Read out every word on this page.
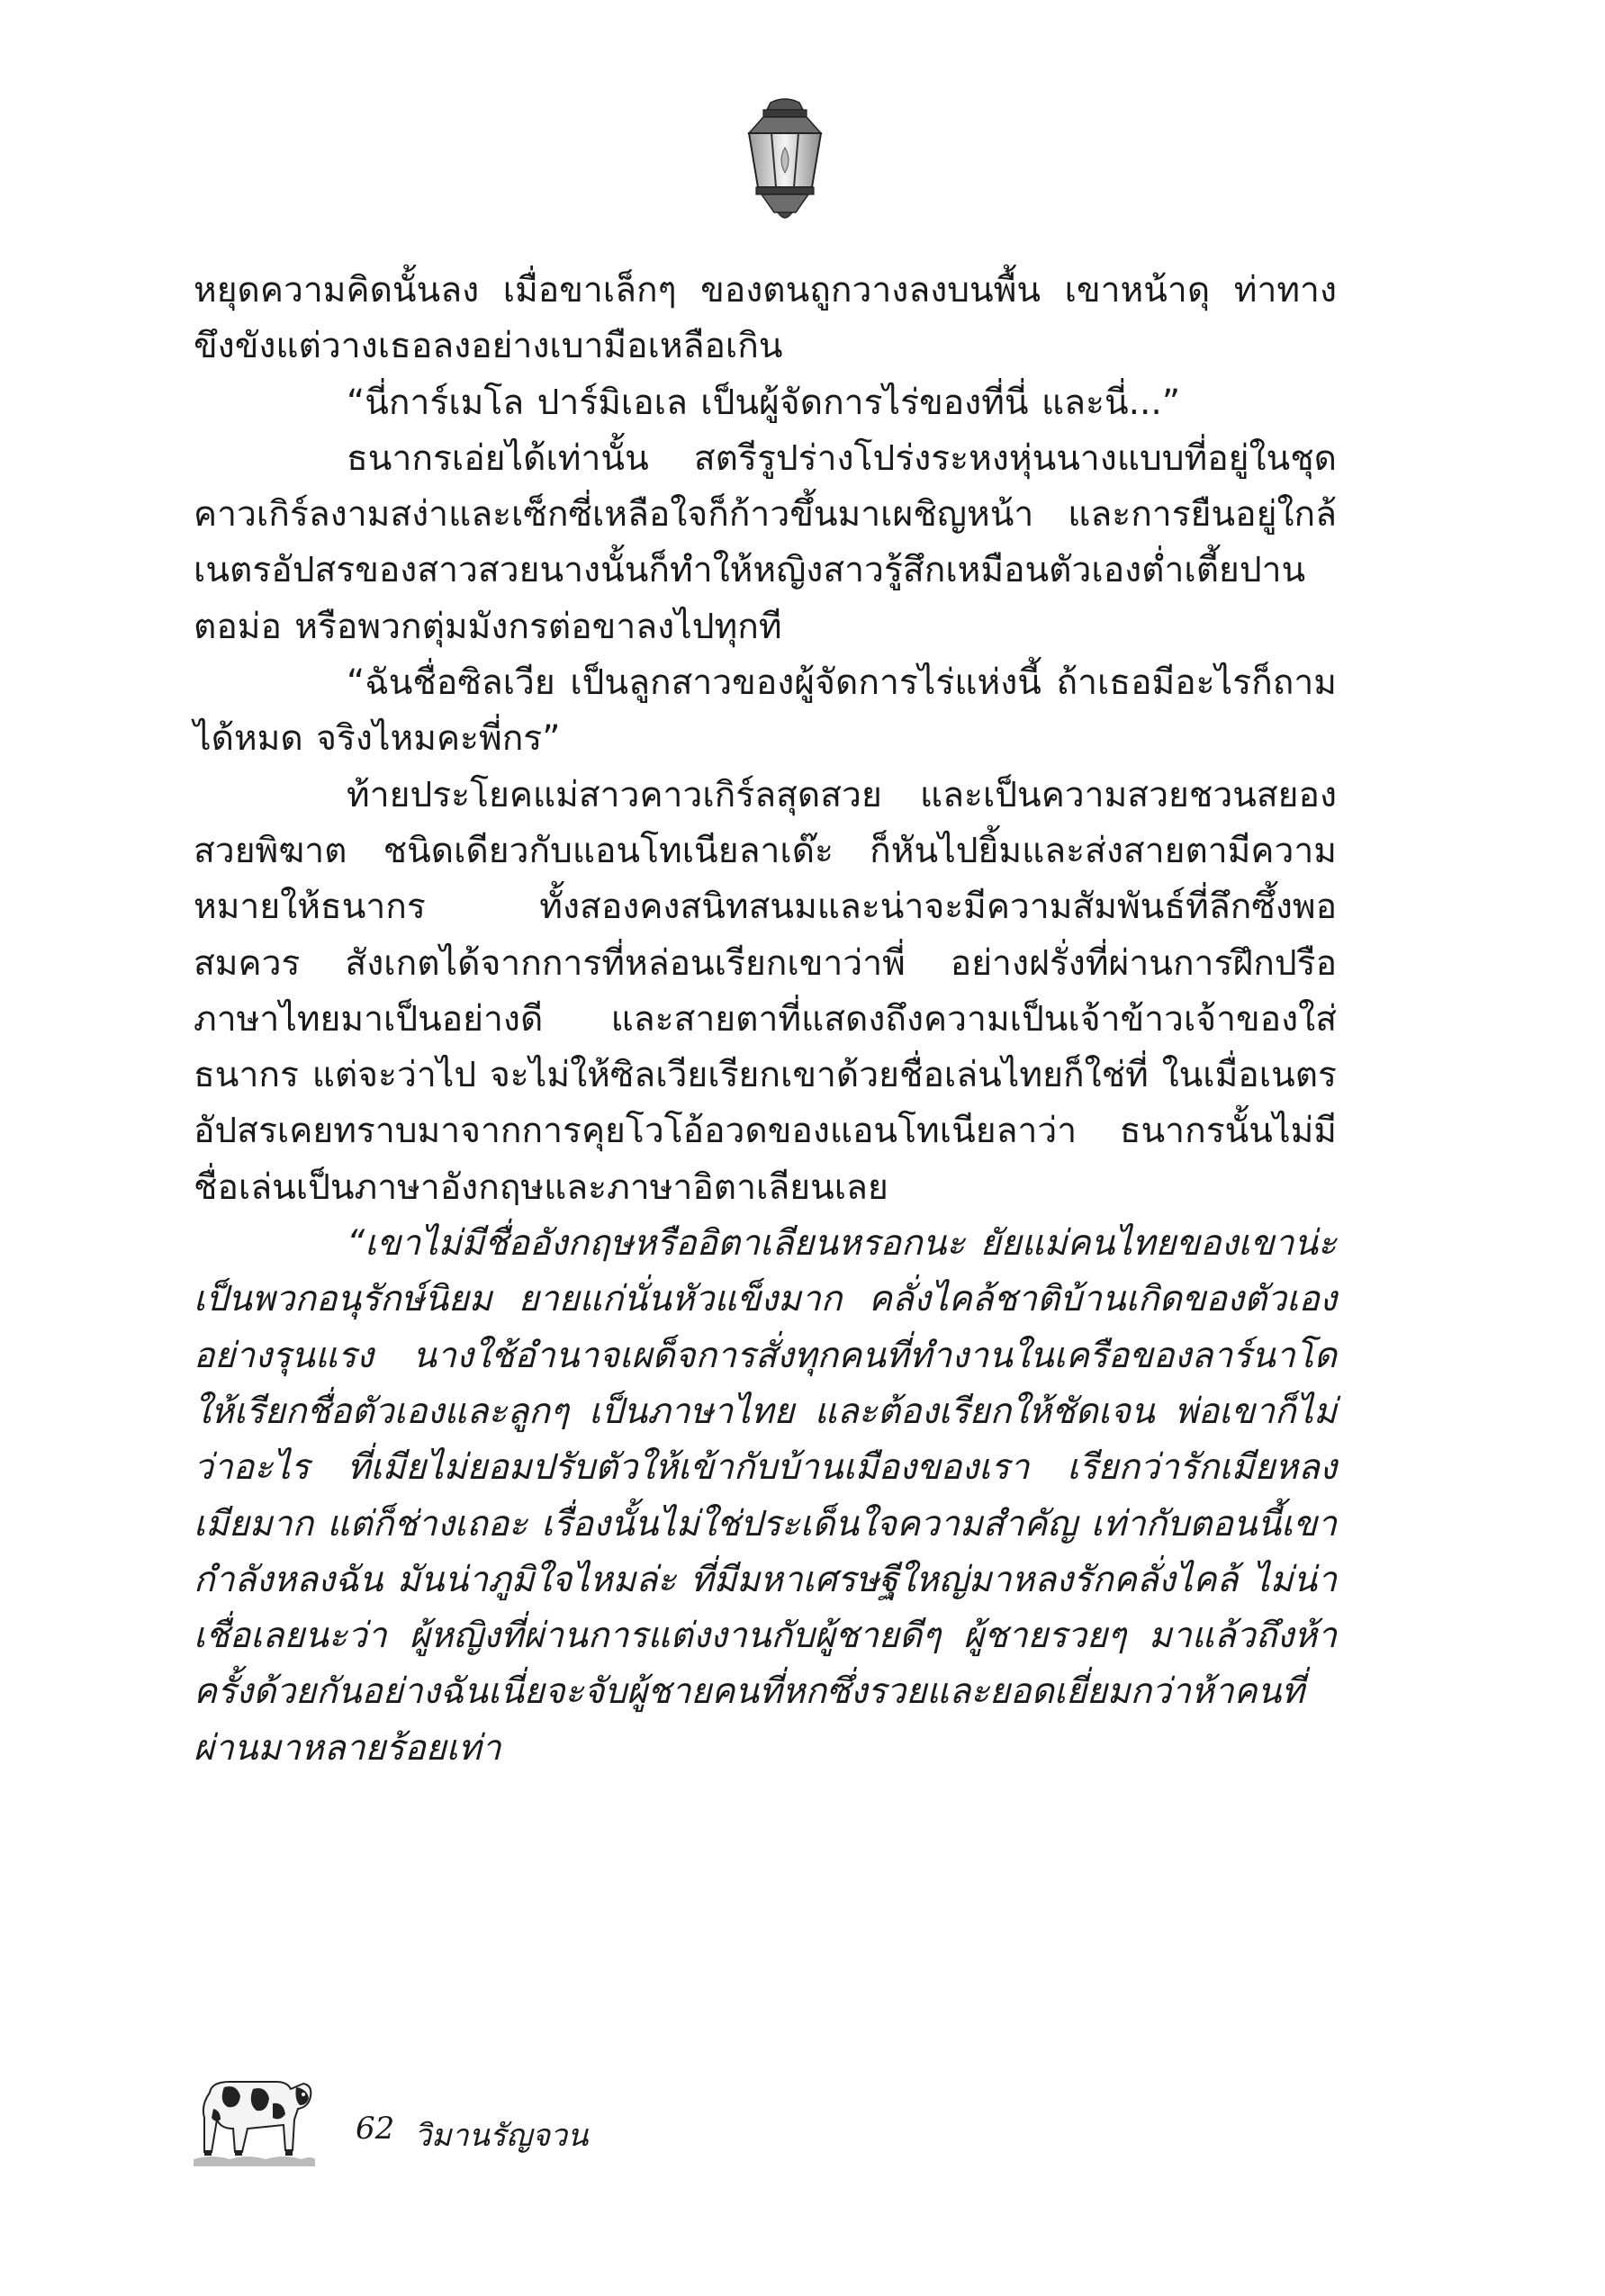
หยุดความคิดนั้นลง เมื่อขาเล็กๆ ของตนถูกวางลงบนพื้น เขาหน้าดุ ท่าทางขึงขังแต่วางเธอลงอย่างเบามือเหลือเกิน

“นี่การ์เมโล ปาร์มิเอเล เป็นผู้จัดการไร่ของที่นี่ และนี่...”

ธนากรเอ่ยได้เท่านั้น สตรีรูปร่างโปร่งระหงหุ่นนางแบบที่อยู่ในชุดคาวเกิร์ลงามสง่าและเซ็กซี่เหลือใจก็ก้าวขึ้นมาเผชิญหน้า และการยืนอยู่ใกล้เนตรอัปสรของสาวสวยนางนั้นก็ทำให้หญิงสาวรู้สึกเหมือนตัวเองต่ำเตี้ยปานตอม่อ หรือพวกตุ่มมังกรต่อขาลงไปทุกที

“ฉันชื่อซิลเวีย เป็นลูกสาวของผู้จัดการไร่แห่งนี้ ถ้าเธอมีอะไรก็ถามได้หมด จริงไหมคะพี่กร”

ท้ายประโยคแม่สาวคาวเกิร์ลสุดสวย และเป็นความสวยชวนสยอง สวยพิฆาต ชนิดเดียวกับแอนโทเนียลาเด๊ะ ก็หันไปยิ้มและส่งสายตามีความหมายให้ธนากร ทั้งสองคงสนิทสนมและน่าจะมีความสัมพันธ์ที่ลึกซึ้งพอสมควร สังเกตได้จากการที่หล่อนเรียกเขาว่าพี่ อย่างฝรั่งที่ผ่านการฝึกปรือภาษาไทยมาเป็นอย่างดี และสายตาที่แสดงถึงความเป็นเจ้าข้าวเจ้าของใส่ธนากร แต่จะว่าไป จะไม่ให้ซิลเวียเรียกเขาด้วยชื่อเล่นไทยก็ใช่ที่ ในเมื่อเนตรอัปสรเคยทราบมาจากการคุยโวโอ้อวดของแอนโทเนียลาว่า ธนากรนั้นไม่มีชื่อเล่นเป็นภาษาอังกฤษและภาษาอิตาเลียนเลย

“เขาไม่มีชื่ออังกฤษหรืออิตาเลียนหรอกนะ ยัยแม่คนไทยของเขาน่ะเป็นพวกอนุรักษ์นิยม ยายแก่นั่นหัวแข็งมาก คลั่งไคล้ชาติบ้านเกิดของตัวเองอย่างรุนแรง นางใช้อำนาจเผด็จการสั่งทุกคนที่ทำงานในเครือของลาร์นาโดให้เรียกชื่อตัวเองและลูกๆ เป็นภาษาไทย และต้องเรียกให้ชัดเจน พ่อเขาก็ไม่ว่าอะไร ที่เมียไม่ยอมปรับตัวให้เข้ากับบ้านเมืองของเรา เรียกว่ารักเมียหลงเมียมาก แต่ก็ช่างเถอะ เรื่องนั้นไม่ใช่ประเด็นใจความสำคัญ เท่ากับตอนนี้เขากำลังหลงฉัน มันน่าภูมิใจไหมล่ะ ที่มีมหาเศรษฐีใหญ่มาหลงรักคลั่งไคล้ ไม่น่าเชื่อเลยนะว่า ผู้หญิงที่ผ่านการแต่งงานกับผู้ชายดีๆ ผู้ชายรวยๆ มาแล้วถึงห้าครั้งด้วยกันอย่างฉันเนี่ยจะจับผู้ชายคนที่หกซึ่งรวยและยอดเยี่ยมกว่าห้าคนที่ผ่านมาหลายร้อยเท่า

62 วิมานรัญจวน
